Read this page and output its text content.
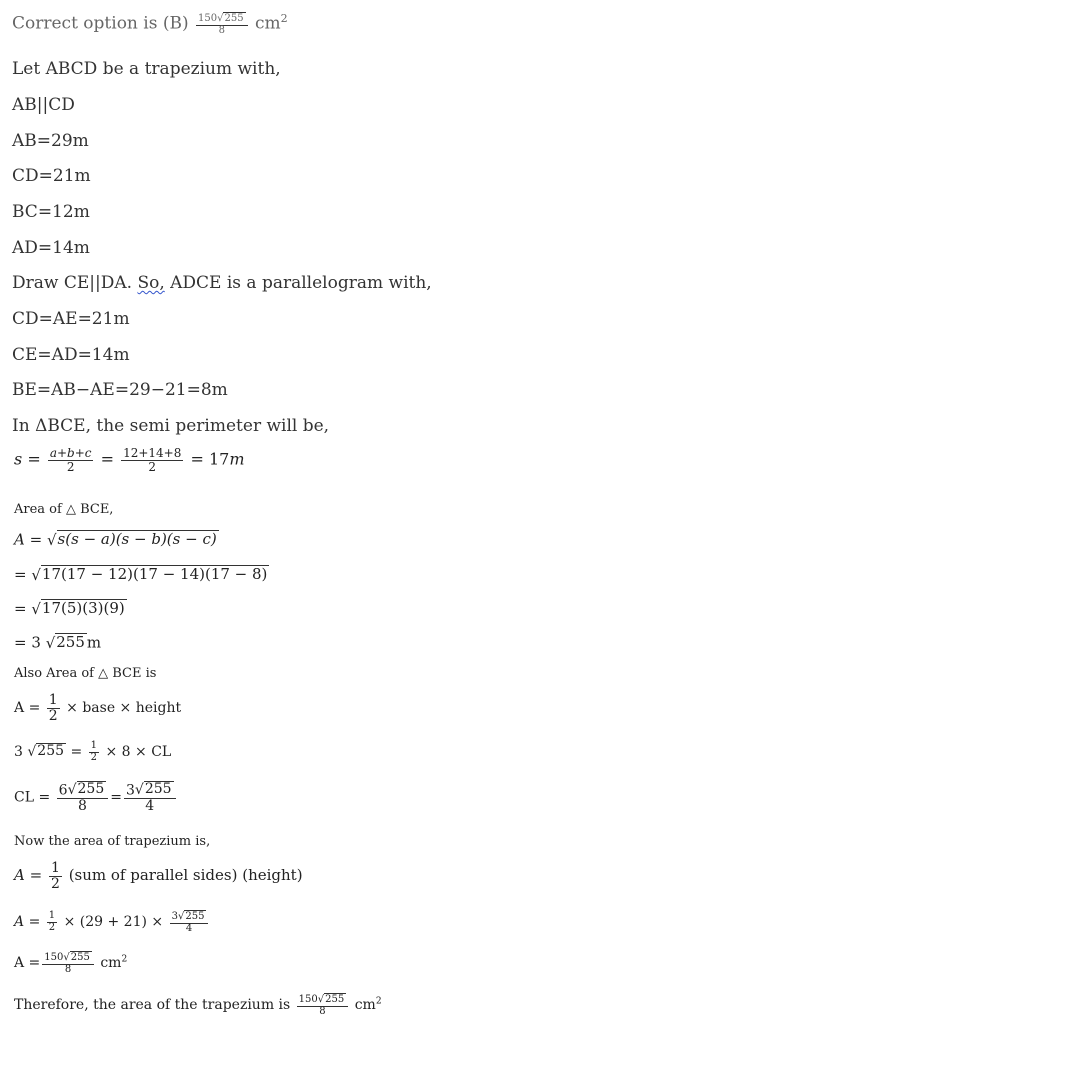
Correct option is $(B) \frac{150 √ 255}{8} cm^2$
Let ABCD be a trapezium with,
AB||CD
AB=29m
CD=21m
BC=12m
AD=14m
Draw CE||DA. So, ADCE is a parallelogram with,
CD=AE=21m
CE=AD=14m
BE=AB−AE=29−21=8m
In ΔBCE, the semi perimeter will be,
$s = \frac{a+b+c}{2} = \frac{12+14+8}{2} = 17m$
Area of △ BCE,
A = √ s(s − a)(s − b)(s − c)
= √ 17(17 − 12)(17 − 14)(17 − 8)
= √ 17(5)(3)(9)
= 3 √ 255 m
Also Area of △ BCE is
$A = \frac{1}{2}$ × base × height
3 √ $255 = \frac{1}{2} \times 8$ × CL
CL = $\frac{6 √ 255}{8} = \frac{3 √ 255}{4}$
Now the area of trapezium is,
$A = \frac{1}{2} (sum$ of parallel sides) (height)
$A = \frac{1}{2} \times (29 + 21) \times \frac{3 √ 255}{4}$
$A = \frac{150 √ 255}{8} cm^2$
Therefore, the area of the trapezium is $\frac{150 √ 255}{8} cm^2$
